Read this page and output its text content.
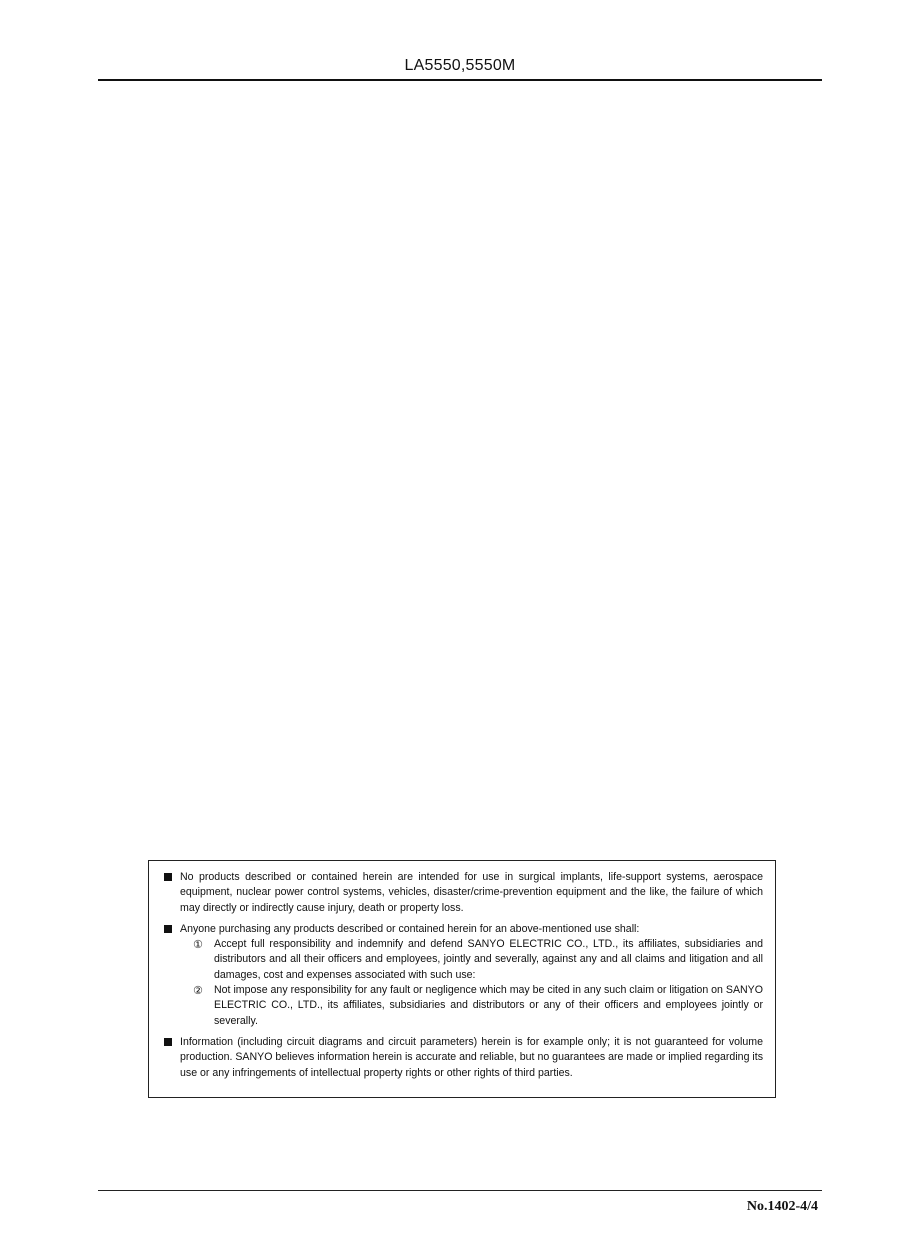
LA5550,5550M
No products described or contained herein are intended for use in surgical implants, life-support systems, aerospace equipment, nuclear power control systems, vehicles, disaster/crime-prevention equipment and the like, the failure of which may directly or indirectly cause injury, death or property loss.
Anyone purchasing any products described or contained herein for an above-mentioned use shall:
① Accept full responsibility and indemnify and defend SANYO ELECTRIC CO., LTD., its affiliates, subsidiaries and distributors and all their officers and employees, jointly and severally, against any and all claims and litigation and all damages, cost and expenses associated with such use:
② Not impose any responsibility for any fault or negligence which may be cited in any such claim or litigation on SANYO ELECTRIC CO., LTD., its affiliates, subsidiaries and distributors or any of their officers and employees jointly or severally.
Information (including circuit diagrams and circuit parameters) herein is for example only; it is not guaranteed for volume production. SANYO believes information herein is accurate and reliable, but no guarantees are made or implied regarding its use or any infringements of intellectual property rights or other rights of third parties.
No.1402-4/4
